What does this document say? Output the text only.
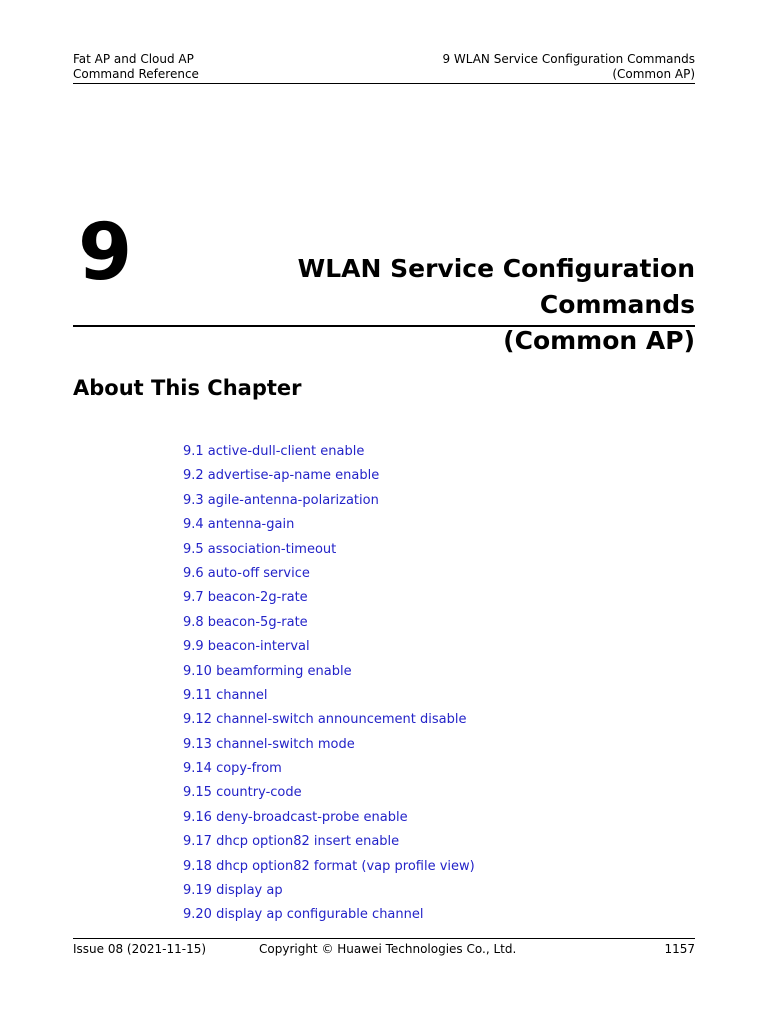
Fat AP and Cloud AP
Command Reference
9 WLAN Service Configuration Commands
(Common AP)
9	WLAN Service Configuration Commands
(Common AP)
About This Chapter
9.1 active-dull-client enable
9.2 advertise-ap-name enable
9.3 agile-antenna-polarization
9.4 antenna-gain
9.5 association-timeout
9.6 auto-off service
9.7 beacon-2g-rate
9.8 beacon-5g-rate
9.9 beacon-interval
9.10 beamforming enable
9.11 channel
9.12 channel-switch announcement disable
9.13 channel-switch mode
9.14 copy-from
9.15 country-code
9.16 deny-broadcast-probe enable
9.17 dhcp option82 insert enable
9.18 dhcp option82 format (vap profile view)
9.19 display ap
9.20 display ap configurable channel
Issue 08 (2021-11-15)	Copyright © Huawei Technologies Co., Ltd.	1157
